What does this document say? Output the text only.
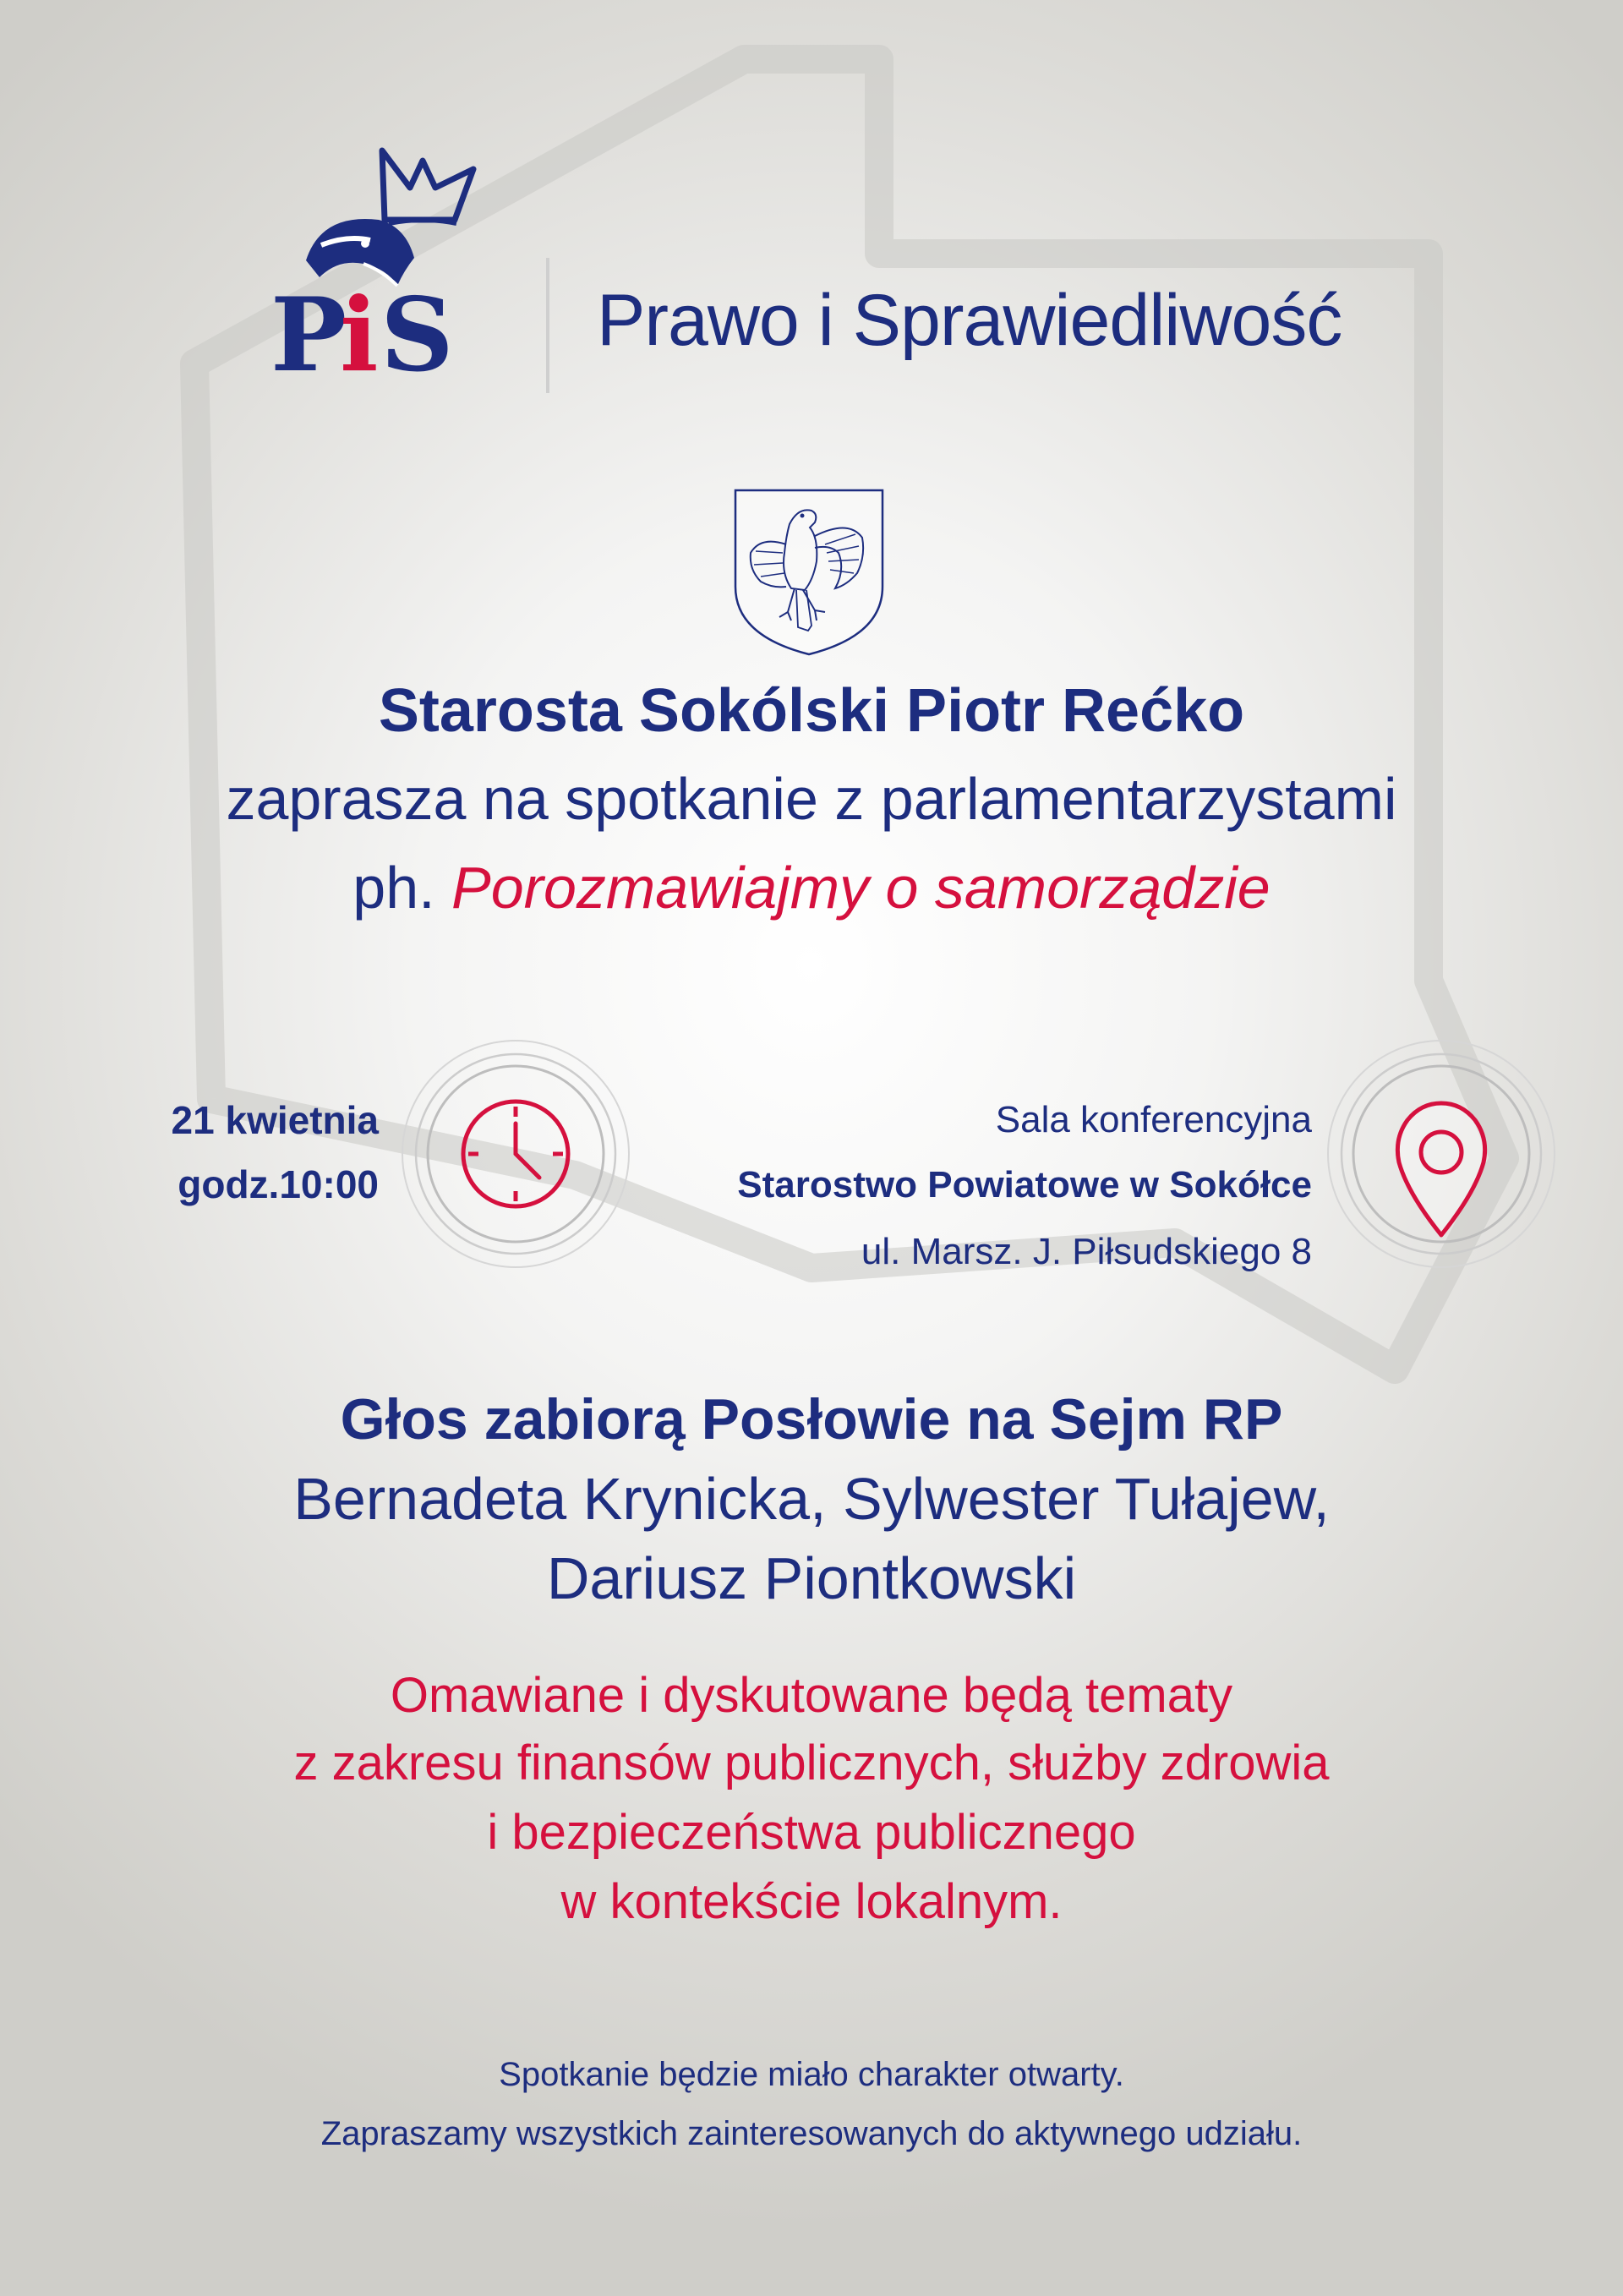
P
i S
PiS
Prawo i Sprawiedliwość
Starosta Sokólski Piotr Rećko
zaprasza na spotkanie z parlamentarzystami
ph. Porozmawiajmy o samorządzie
21 kwietnia
godz.10:00
Sala konferencyjna
Starostwo Powiatowe w Sokółce
ul. Marsz. J. Piłsudskiego 8
Głos zabiorą Posłowie na Sejm RP
Bernadeta Krynicka, Sylwester Tułajew,
Dariusz Piontkowski
Omawiane i dyskutowane będą tematy
z zakresu finansów publicznych, służby zdrowia
i bezpieczeństwa publicznego
w kontekście lokalnym.
Spotkanie będzie miało charakter otwarty.
Zapraszamy wszystkich zainteresowanych do aktywnego udziału.
